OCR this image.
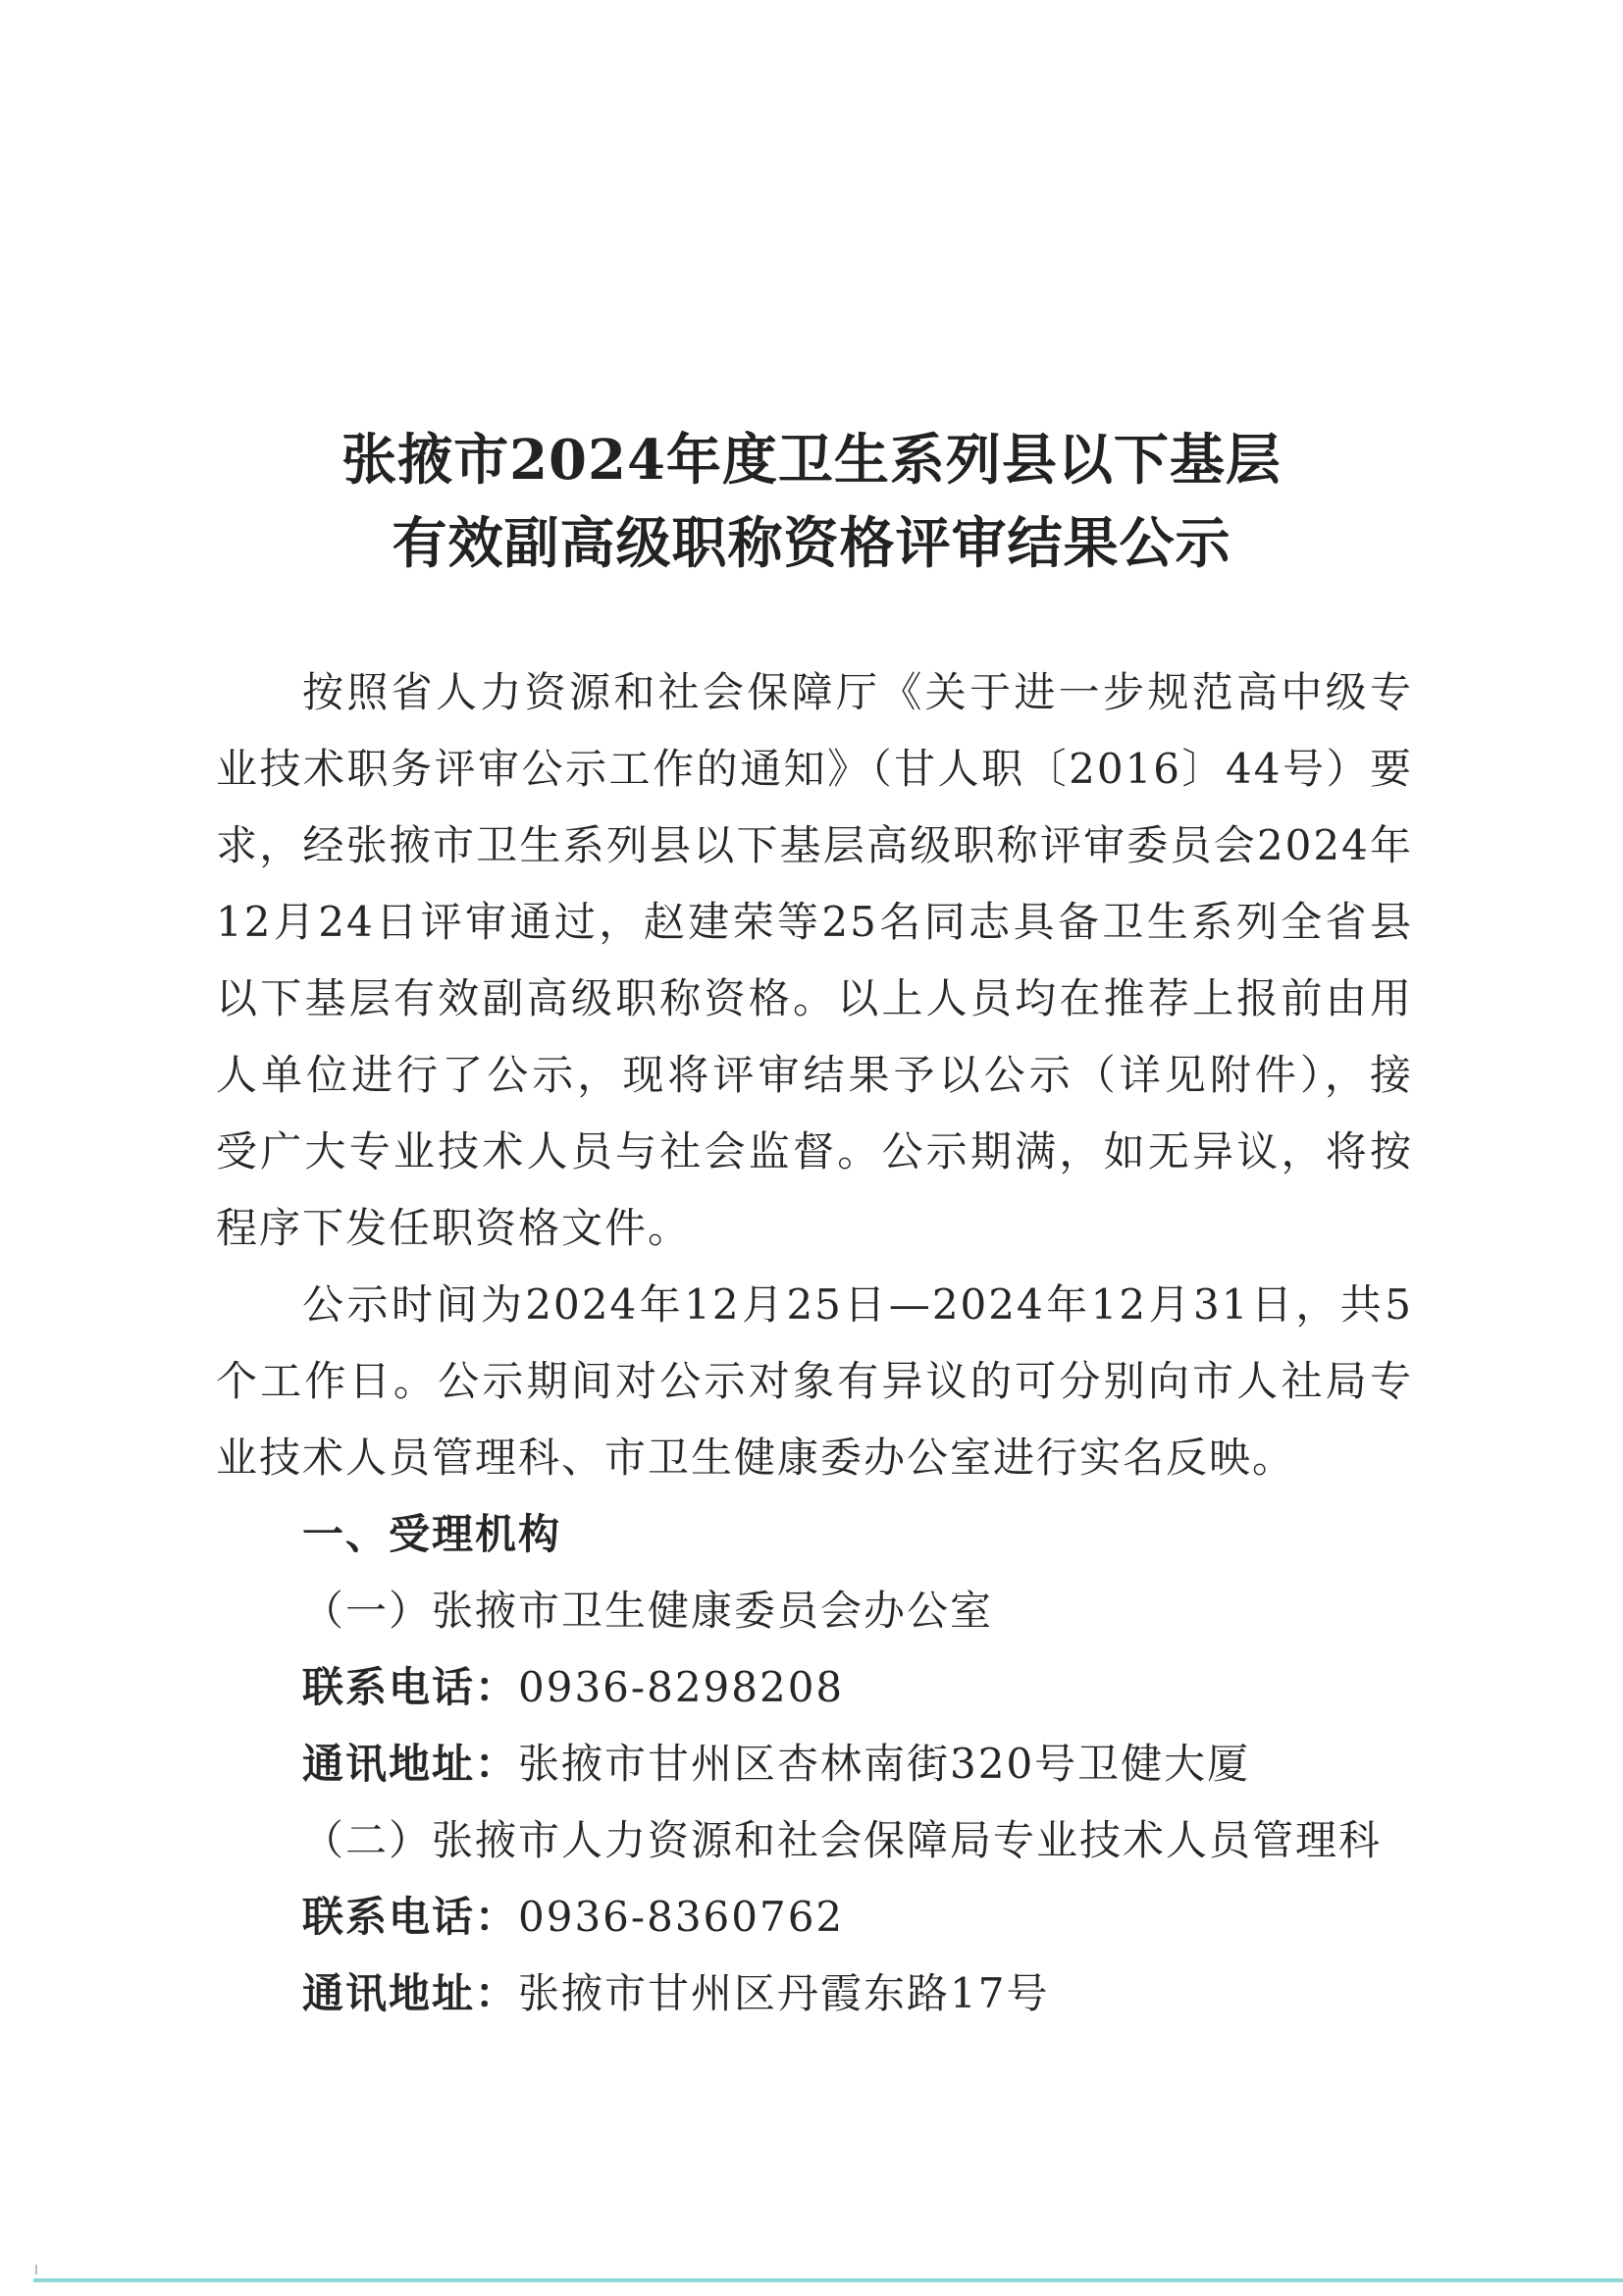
张掖市2024年度卫生系列县以下基层
有效副高级职称资格评审结果公示
按照省人力资源和社会保障厅《关于进一步规范高中级专
业技术职务评审公示工作的通知》（甘人职〔2016〕44号）要
求，经张掖市卫生系列县以下基层高级职称评审委员会2024年
12月24日评审通过，赵建荣等25名同志具备卫生系列全省县
以下基层有效副高级职称资格。以上人员均在推荐上报前由用
人单位进行了公示，现将评审结果予以公示（详见附件），接
受广大专业技术人员与社会监督。公示期满，如无异议，将按
程序下发任职资格文件。
公示时间为2024年12月25日—2024年12月31日，共5
个工作日。公示期间对公示对象有异议的可分别向市人社局专
业技术人员管理科、市卫生健康委办公室进行实名反映。
一、受理机构
（一）张掖市卫生健康委员会办公室
联系电话：0936-8298208
通讯地址：张掖市甘州区杏林南街320号卫健大厦
（二）张掖市人力资源和社会保障局专业技术人员管理科
联系电话：0936-8360762
通讯地址：张掖市甘州区丹霞东路17号
